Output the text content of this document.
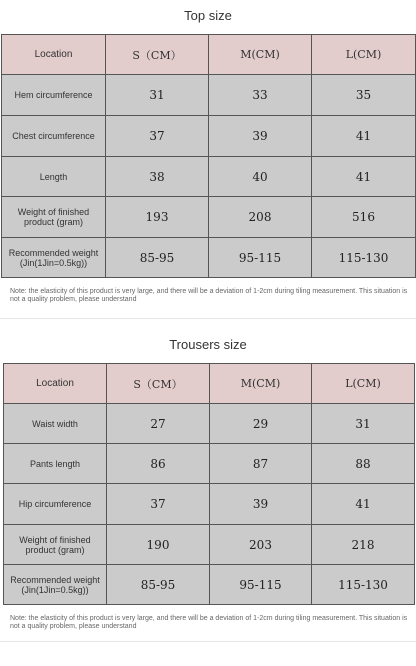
Top size
Location	S（CM）	M(CM)	L(CM)
Hem circumference	31	33	35
Chest circumference	37	39	41
Length	38	40	41
Weight of finished product (gram)	193	208	516
Recommended weight (Jin(1Jin=0.5kg))	85-95	95-115	115-130
Note: the elasticity of this product is very large, and there will be a deviation of 1-2cm during tiling measurement. This situation is not a quality problem, please understand
Trousers size
Location	S（CM）	M(CM)	L(CM)
Waist width	27	29	31
Pants length	86	87	88
Hip circumference	37	39	41
Weight of finished product (gram)	190	203	218
Recommended weight (Jin(1Jin=0.5kg))	85-95	95-115	115-130
Note: the elasticity of this product is very large, and there will be a deviation of 1-2cm during tiling measurement. This situation is not a quality problem, please understand
